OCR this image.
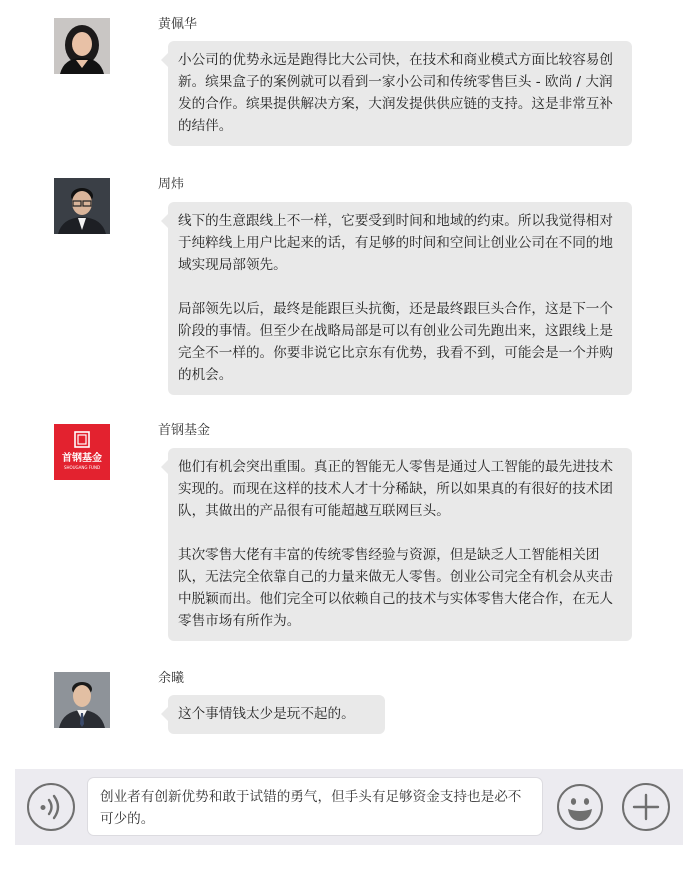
黄佩华

小公司的优势永远是跑得比大公司快，在技术和商业模式方面比较容易创新。缤果盒子的案例就可以看到一家小公司和传统零售巨头 - 欧尚 / 大润发的合作。缤果提供解决方案，大润发提供供应链的支持。这是非常互补的结伴。

周炜

线下的生意跟线上不一样，它要受到时间和地域的约束。所以我觉得相对于纯粹线上用户比起来的话，有足够的时间和空间让创业公司在不同的地域实现局部领先。

局部领先以后，最终是能跟巨头抗衡，还是最终跟巨头合作，这是下一个阶段的事情。但至少在战略局部是可以有创业公司先跑出来，这跟线上是完全不一样的。你要非说它比京东有优势，我看不到，可能会是一个并购的机会。

首钢基金
SHOUGANG FUND
首钢基金

他们有机会突出重围。真正的智能无人零售是通过人工智能的最先进技术实现的。而现在这样的技术人才十分稀缺，所以如果真的有很好的技术团队，其做出的产品很有可能超越互联网巨头。

其次零售大佬有丰富的传统零售经验与资源，但是缺乏人工智能相关团队，无法完全依靠自己的力量来做无人零售。创业公司完全有机会从夹击中脱颖而出。他们完全可以依赖自己的技术与实体零售大佬合作，在无人零售市场有所作为。

余曦

这个事情钱太少是玩不起的。

创业者有创新优势和敢于试错的勇气，但手头有足够资金支持也是必不可少的。
